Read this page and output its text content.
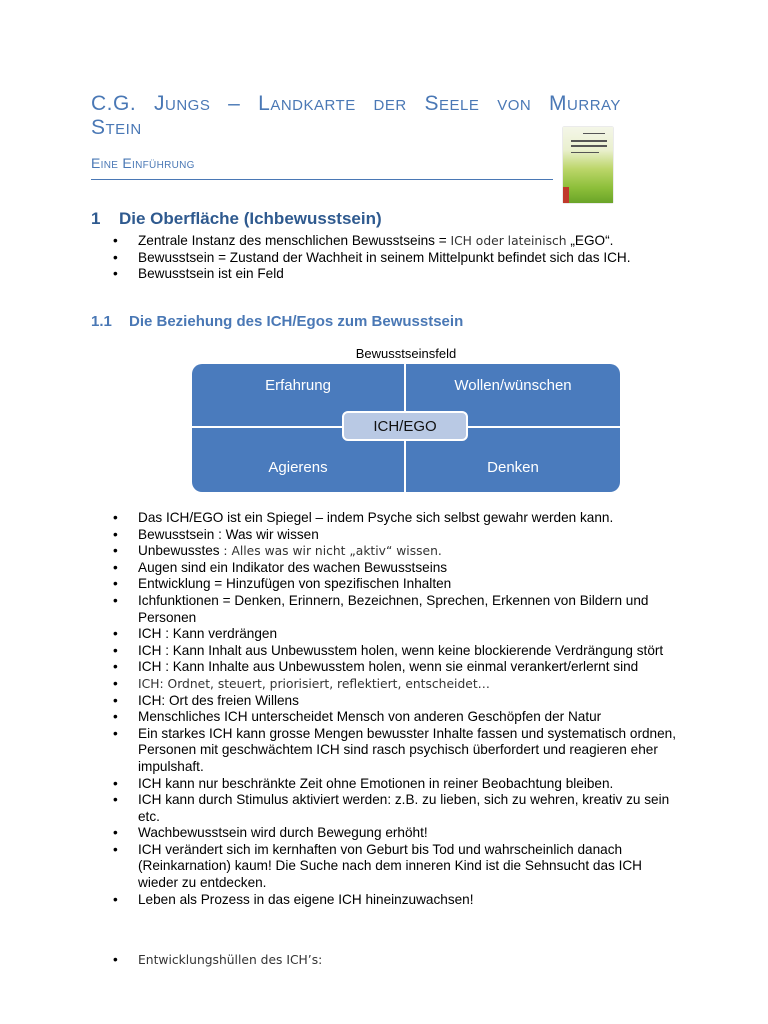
C.G. Jungs – Landkarte der Seele von Murray
Stein
Eine Einführung
1 Die Oberfläche (Ichbewusstsein)
• Zentrale Instanz des menschlichen Bewusstseins = ICH oder lateinisch „EGO“.
• Bewusstsein = Zustand der Wachheit in seinem Mittelpunkt befindet sich das ICH.
• Bewusstsein ist ein Feld
1.1 Die Beziehung des ICH/Egos zum Bewusstsein
Bewusstseinsfeld
Erfahrung	Wollen/wünschen
Agierens	Denken
ICH/EGO
• Das ICH/EGO ist ein Spiegel – indem Psyche sich selbst gewahr werden kann.
• Bewusstsein : Was wir wissen
• Unbewusstes : Alles was wir nicht „aktiv“ wissen.
• Augen sind ein Indikator des wachen Bewusstseins
• Entwicklung = Hinzufügen von spezifischen Inhalten
• Ichfunktionen = Denken, Erinnern, Bezeichnen, Sprechen, Erkennen von Bildern und Personen
• ICH : Kann verdrängen
• ICH : Kann Inhalt aus Unbewusstem holen, wenn keine blockierende Verdrängung stört
• ICH : Kann Inhalte aus Unbewusstem holen, wenn sie einmal verankert/erlernt sind
• ICH: Ordnet, steuert, priorisiert, reflektiert, entscheidet…
• ICH: Ort des freien Willens
• Menschliches ICH unterscheidet Mensch von anderen Geschöpfen der Natur
• Ein starkes ICH kann grosse Mengen bewusster Inhalte fassen und systematisch ordnen, Personen mit geschwächtem ICH sind rasch psychisch überfordert und reagieren eher impulshaft.
• ICH kann nur beschränkte Zeit ohne Emotionen in reiner Beobachtung bleiben.
• ICH kann durch Stimulus aktiviert werden: z.B. zu lieben, sich zu wehren, kreativ zu sein etc.
• Wachbewusstsein wird durch Bewegung erhöht!
• ICH verändert sich im kernhaften von Geburt bis Tod und wahrscheinlich danach (Reinkarnation) kaum! Die Suche nach dem inneren Kind ist die Sehnsucht das ICH wieder zu entdecken.
• Leben als Prozess in das eigene ICH hineinzuwachsen!
• Entwicklungshüllen des ICH’s:
